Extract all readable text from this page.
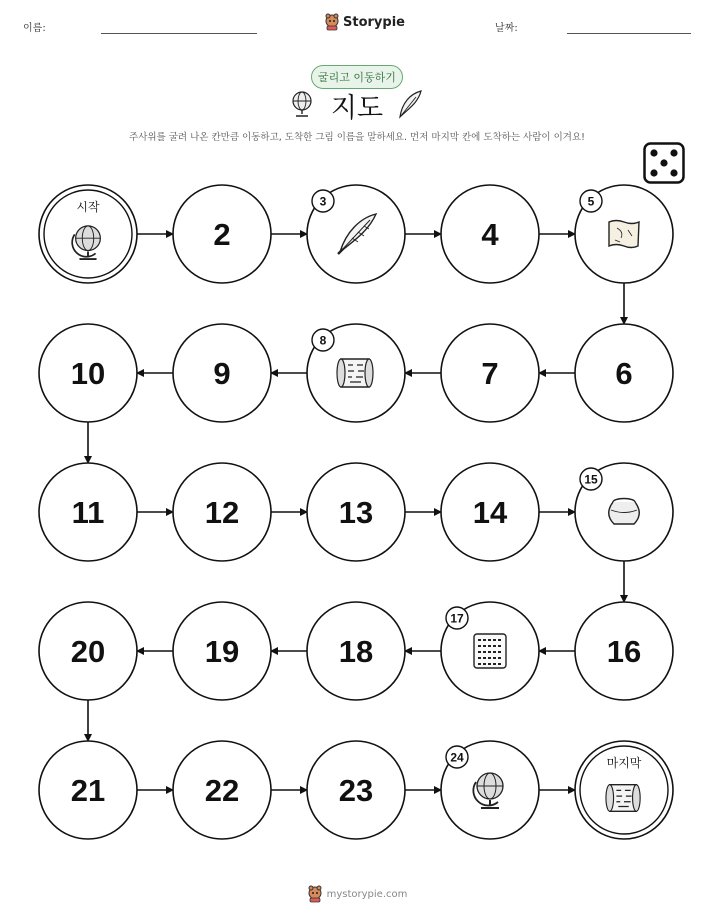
이름:	Storypie	날짜:
굴리고 이동하기
지도
주사위를 굴려 나온 칸만큼 이동하고, 도착한 그림 이름을 말하세요. 먼저 마지막 칸에 도착하는 사람이 이겨요!
시작
2
3
4
5
6
7
8
9
10
11	12	13	14
15
16
17
18
19
20
21	22	23
24	마지막
mystorypie.com
